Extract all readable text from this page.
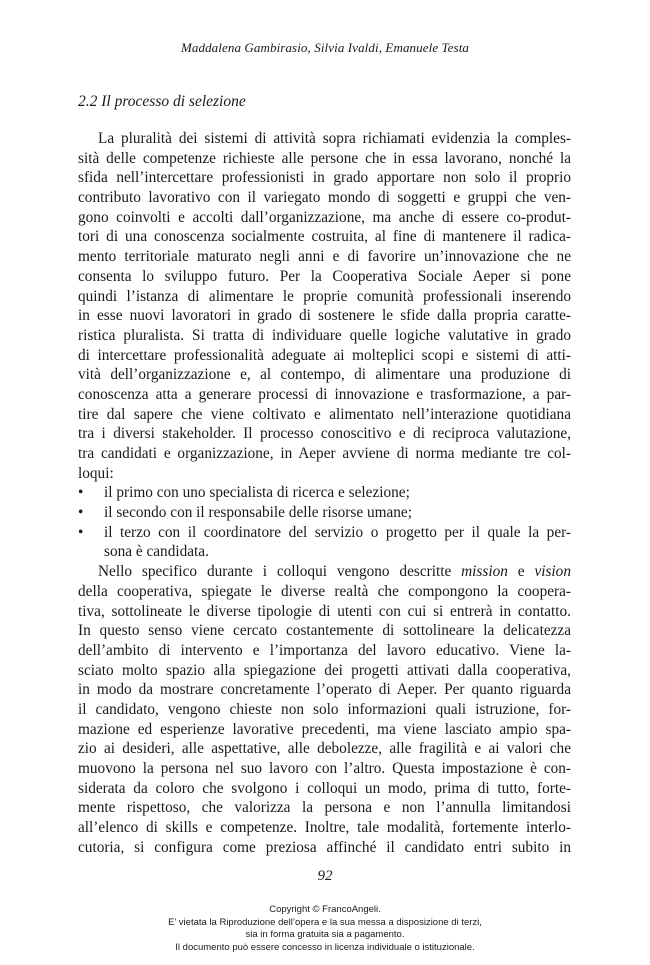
Maddalena Gambirasio, Silvia Ivaldi, Emanuele Testa
2.2 Il processo di selezione
La pluralità dei sistemi di attività sopra richiamati evidenzia la comples-
sità delle competenze richieste alle persone che in essa lavorano, nonché la
sfida nell’intercettare professionisti in grado apportare non solo il proprio
contributo lavorativo con il variegato mondo di soggetti e gruppi che ven-
gono coinvolti e accolti dall’organizzazione, ma anche di essere co-produt-
tori di una conoscenza socialmente costruita, al fine di mantenere il radica-
mento territoriale maturato negli anni e di favorire un’innovazione che ne
consenta lo sviluppo futuro. Per la Cooperativa Sociale Aeper si pone
quindi l’istanza di alimentare le proprie comunità professionali inserendo
in esse nuovi lavoratori in grado di sostenere le sfide dalla propria caratte-
ristica pluralista. Si tratta di individuare quelle logiche valutative in grado
di intercettare professionalità adeguate ai molteplici scopi e sistemi di atti-
vità dell’organizzazione e, al contempo, di alimentare una produzione di
conoscenza atta a generare processi di innovazione e trasformazione, a par-
tire dal sapere che viene coltivato e alimentato nell’interazione quotidiana
tra i diversi stakeholder. Il processo conoscitivo e di reciproca valutazione,
tra candidati e organizzazione, in Aeper avviene di norma mediante tre col-
loqui:
• il primo con uno specialista di ricerca e selezione;
• il secondo con il responsabile delle risorse umane;
• il terzo con il coordinatore del servizio o progetto per il quale la per-
sona è candidata.
Nello specifico durante i colloqui vengono descritte mission e vision
della cooperativa, spiegate le diverse realtà che compongono la coopera-
tiva, sottolineate le diverse tipologie di utenti con cui si entrerà in contatto.
In questo senso viene cercato costantemente di sottolineare la delicatezza
dell’ambito di intervento e l’importanza del lavoro educativo. Viene la-
sciato molto spazio alla spiegazione dei progetti attivati dalla cooperativa,
in modo da mostrare concretamente l’operato di Aeper. Per quanto riguarda
il candidato, vengono chieste non solo informazioni quali istruzione, for-
mazione ed esperienze lavorative precedenti, ma viene lasciato ampio spa-
zio ai desideri, alle aspettative, alle debolezze, alle fragilità e ai valori che
muovono la persona nel suo lavoro con l’altro. Questa impostazione è con-
siderata da coloro che svolgono i colloqui un modo, prima di tutto, forte-
mente rispettoso, che valorizza la persona e non l’annulla limitandosi
all’elenco di skills e competenze. Inoltre, tale modalità, fortemente interlo-
cutoria, si configura come preziosa affinché il candidato entri subito in
92
Copyright © FrancoAngeli.
E’ vietata la Riproduzione dell’opera e la sua messa a disposizione di terzi,
sia in forma gratuita sia a pagamento.
Il documento può essere concesso in licenza individuale o istituzionale.
